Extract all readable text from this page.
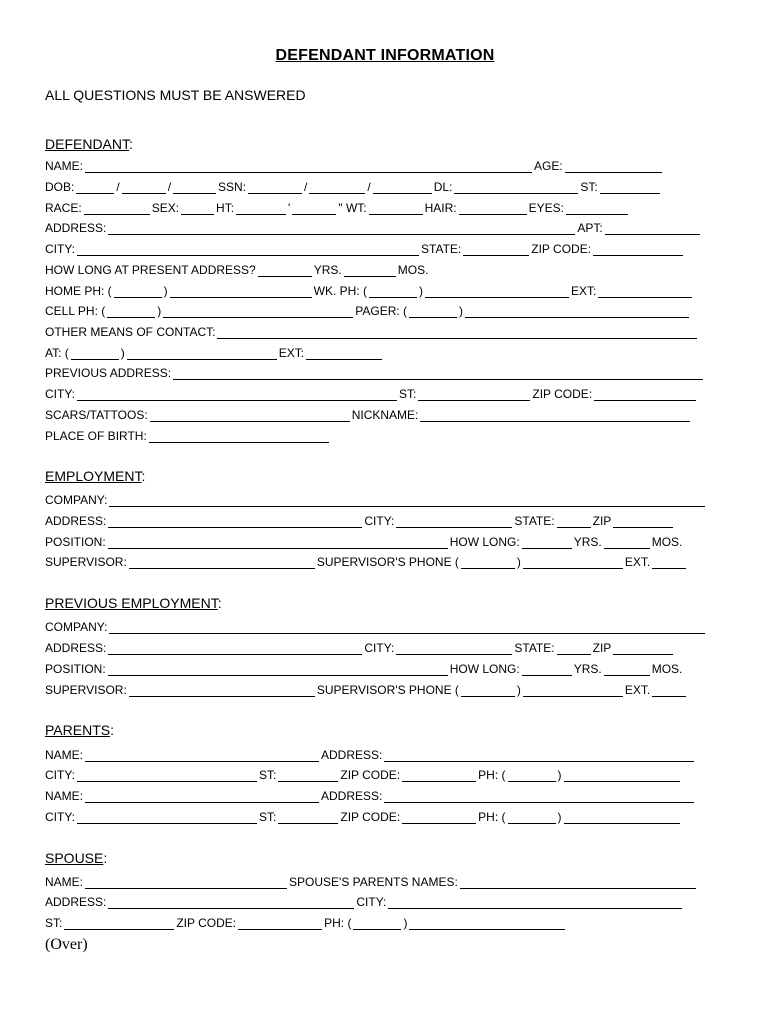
DEFENDANT INFORMATION
ALL QUESTIONS MUST BE ANSWERED
DEFENDANT:
NAME:	AGE:
DOB:	/	/	SSN:	/	/	DL:	ST:
RACE:	SEX:	HT:	'	" WT:	HAIR:	EYES:
ADDRESS:	APT:
CITY:	STATE:	ZIP CODE:
HOW LONG AT PRESENT ADDRESS?	YRS.	MOS.
HOME PH: (	)	WK. PH: (	)	EXT:
CELL PH: (	)	PAGER: (	)
OTHER MEANS OF CONTACT:
AT: (	)	EXT:
PREVIOUS ADDRESS:
CITY:	ST:	ZIP CODE:
SCARS/TATTOOS:	NICKNAME:
PLACE OF BIRTH:
EMPLOYMENT:
COMPANY:
ADDRESS:	CITY:	STATE:	ZIP
POSITION:	HOW LONG:	YRS.	MOS.
SUPERVISOR:	SUPERVISOR'S PHONE (	)	EXT.
PREVIOUS EMPLOYMENT:
COMPANY:
ADDRESS:	CITY:	STATE:	ZIP
POSITION:	HOW LONG:	YRS.	MOS.
SUPERVISOR:	SUPERVISOR'S PHONE (	)	EXT.
PARENTS:
NAME:	ADDRESS:
CITY:	ST:	ZIP CODE:	PH: (	)
NAME:	ADDRESS:
CITY:	ST:	ZIP CODE:	PH: (	)
SPOUSE:
NAME:	SPOUSE'S PARENTS NAMES:
ADDRESS:	CITY:
ST:	ZIP CODE:	PH: (	)
(Over)
